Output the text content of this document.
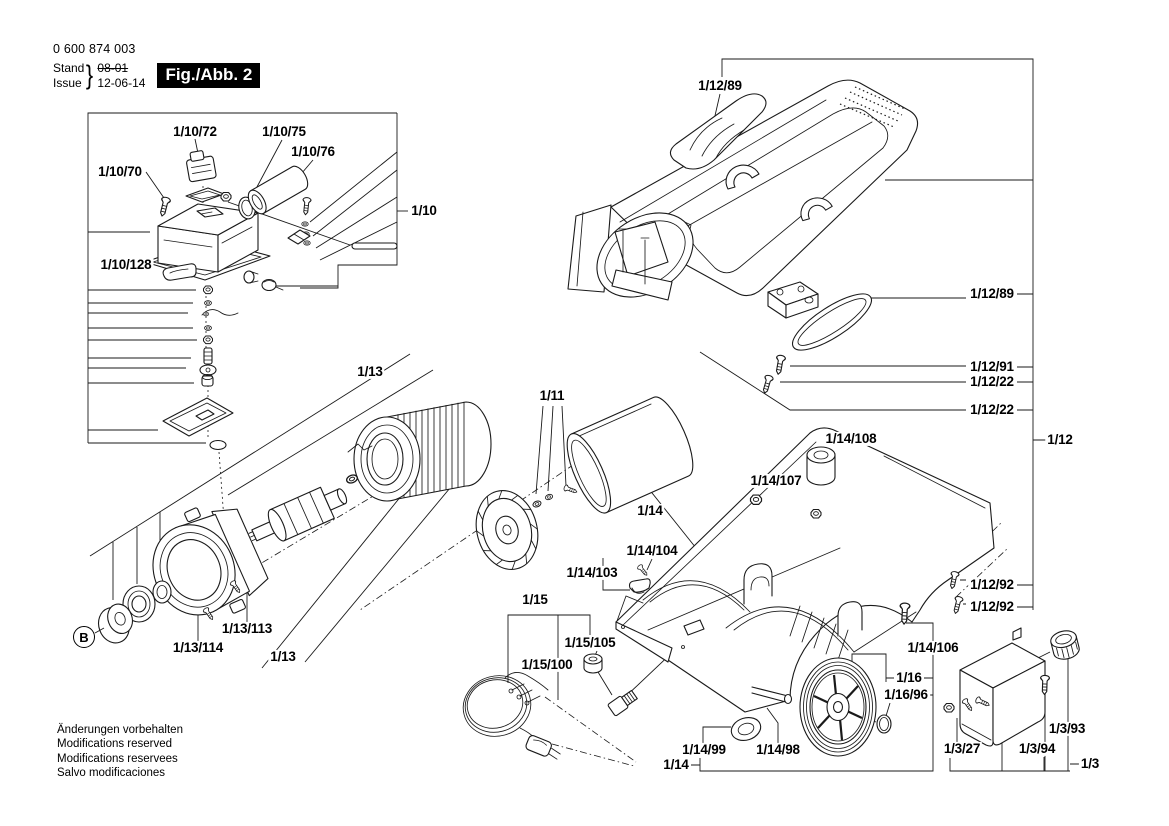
0 600 874 003
Stand
Issue } 08-01
12-06-14	Fig./Abb. 2
B
1/10/72	1/10/75
1/10/76
1/10/70
1/10
1/10/128
1/12/89
1/12/89
1/12/91
1/12/22
1/12/22
1/12
1/13
1/11
1/14/108
1/14/107
1/14
1/14/104
1/14/103
1/12/92
1/12/92
1/15
1/15/105
1/15/100
1/13/113
1/13/114
1/13
1/14/106
1/16
1/16/96
1/14/99 1/14/98
1/14
1/3/27	1/3/94
1/3/93
1/3
Änderungen vorbehalten
Modifications reserved
Modifications reservees
Salvo modificaciones
